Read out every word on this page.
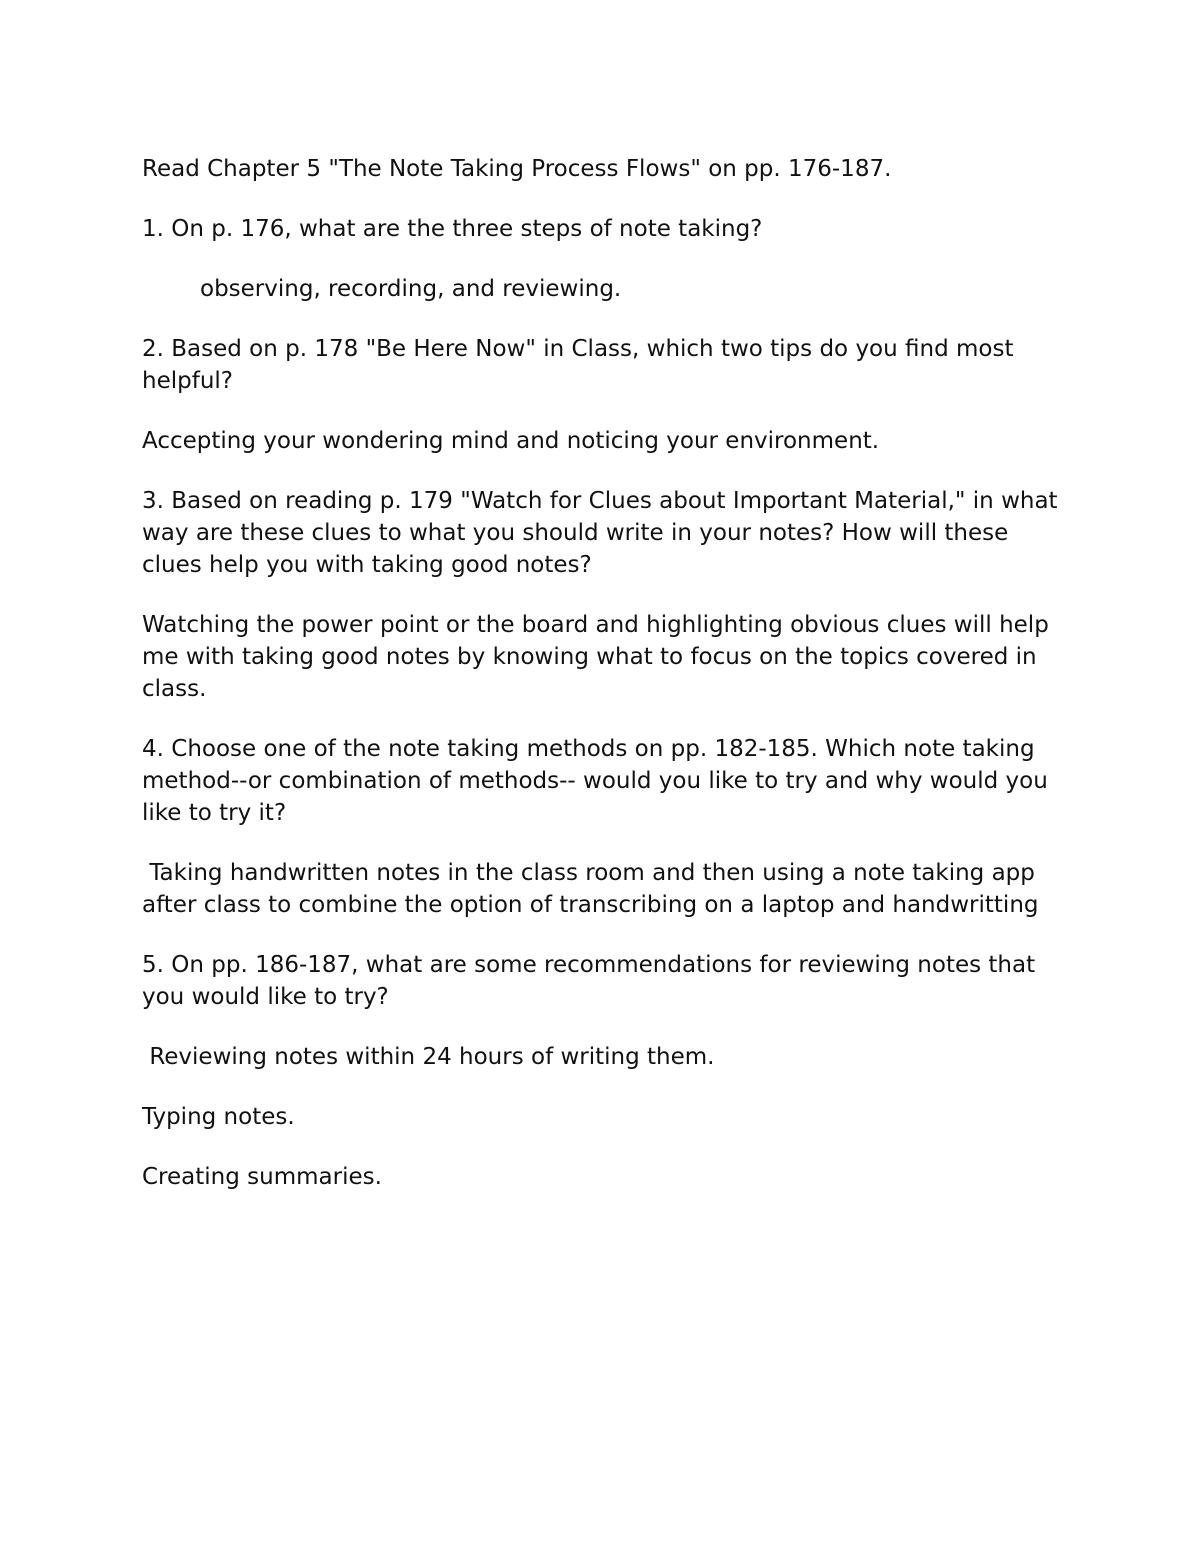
Read Chapter 5 "The Note Taking Process Flows" on pp. 176-187.

1. On p. 176, what are the three steps of note taking?

observing, recording, and reviewing.

2. Based on p. 178 "Be Here Now" in Class, which two tips do you find most helpful?

Accepting your wondering mind and noticing your environment.

3. Based on reading p. 179 "Watch for Clues about Important Material," in what way are these clues to what you should write in your notes? How will these clues help you with taking good notes?

Watching the power point or the board and highlighting obvious clues will help me with taking good notes by knowing what to focus on the topics covered in class.

4. Choose one of the note taking methods on pp. 182-185. Which note taking method--or combination of methods-- would you like to try and why would you like to try it?

Taking handwritten notes in the class room and then using a note taking app after class to combine the option of transcribing on a laptop and handwritting

5. On pp. 186-187, what are some recommendations for reviewing notes that you would like to try?

Reviewing notes within 24 hours of writing them.

Typing notes.

Creating summaries.
